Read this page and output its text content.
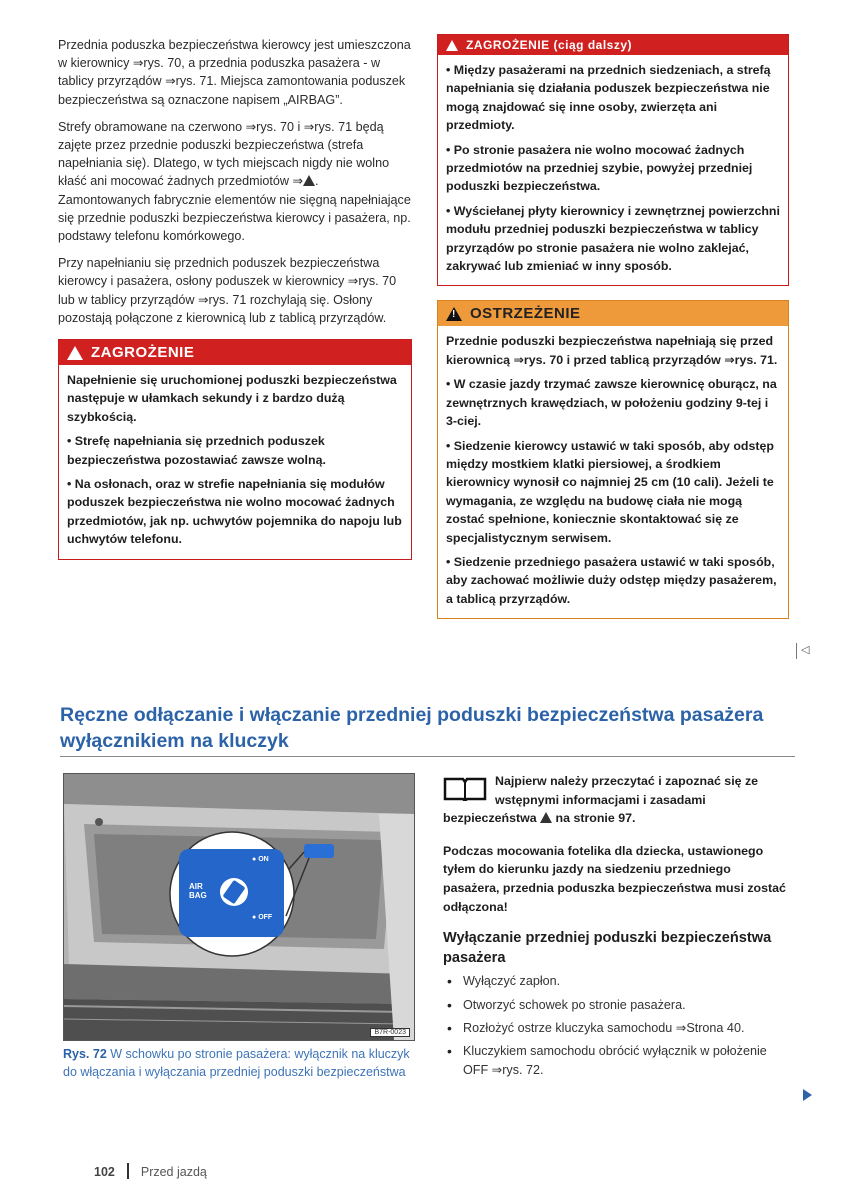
Przednia poduszka bezpieczeństwa kierowcy jest umieszczona w kierownicy ⇒rys. 70, a przednia poduszka pasażera - w tablicy przyrządów ⇒rys. 71. Miejsca zamontowania poduszek bezpieczeństwa są oznaczone napisem „AIRBAG”.

Strefy obramowane na czerwono ⇒rys. 70 i ⇒rys. 71 będą zajęte przez przednie poduszki bezpieczeństwa (strefa napełniania się). Dlatego, w tych miejscach nigdy nie wolno kłaść ani mocować żadnych przedmiotów ⇒ . Zamontowanych fabrycznie elementów nie sięgną napełniające się przednie poduszki bezpieczeństwa kierowcy i pasażera, np. podstawy telefonu komórkowego.

Przy napełnianiu się przednich poduszek bezpieczeństwa kierowcy i pasażera, osłony poduszek w kierownicy ⇒rys. 70 lub w tablicy przyrządów ⇒rys. 71 rozchylają się. Osłony pozostają połączone z kierownicą lub z tablicą przyrządów.

!
ZAGROŻENIE

Napełnienie się uruchomionej poduszki bezpieczeństwa następuje w ułamkach sekundy i z bardzo dużą szybkością.

• Strefę napełniania się przednich poduszek bezpieczeństwa pozostawiać zawsze wolną.

• Na osłonach, oraz w strefie napełniania się modułów poduszek bezpieczeństwa nie wolno mocować żadnych przedmiotów, jak np. uchwytów pojemnika do napoju lub uchwytów telefonu.

!
ZAGROŻENIE (ciąg dalszy)

• Między pasażerami na przednich siedzeniach, a strefą napełniania się działania poduszek bezpieczeństwa nie mogą znajdować się inne osoby, zwierzęta ani przedmioty.

• Po stronie pasażera nie wolno mocować żadnych przedmiotów na przedniej szybie, powyżej przedniej poduszki bezpieczeństwa.

• Wyściełanej płyty kierownicy i zewnętrznej powierzchni modułu przedniej poduszki bezpieczeństwa w tablicy przyrządów po stronie pasażera nie wolno zaklejać, zakrywać lub zmieniać w inny sposób.

!
OSTRZEŻENIE

Przednie poduszki bezpieczeństwa napełniają się przed kierownicą ⇒rys. 70 i przed tablicą przyrządów ⇒rys. 71.

• W czasie jazdy trzymać zawsze kierownicę oburącz, na zewnętrznych krawędziach, w położeniu godziny 9-tej i 3-ciej.

• Siedzenie kierowcy ustawić w taki sposób, aby odstęp między mostkiem klatki piersiowej, a środkiem kierownicy wynosił co najmniej 25 cm (10 cali). Jeżeli te wymagania, ze względu na budowę ciała nie mogą zostać spełnione, koniecznie skontaktować się ze specjalistycznym serwisem.

• Siedzenie przedniego pasażera ustawić w taki sposób, aby zachować możliwie duży odstęp między pasażerem, a tablicą przyrządów.

◁
Ręczne odłączanie i włączanie przedniej poduszki bezpieczeństwa pasażera wyłącznikiem na kluczyk
AIR
BAG
● ON
● OFF
B7R-0023
Rys. 72 W schowku po stronie pasażera: wyłącznik na kluczyk do włączania i wyłączania przedniej poduszki bezpieczeństwa

Najpierw należy przeczytać i zapoznać się ze wstępnymi informacjami i zasadami bezpieczeństwa  na stronie 97.

Podczas mocowania fotelika dla dziecka, ustawionego tyłem do kierunku jazdy na siedzeniu przedniego pasażera, przednia poduszka bezpieczeństwa musi zostać odłączona!

Wyłączanie przedniej poduszki bezpieczeństwa pasażera
• Wyłączyć zapłon.
• Otworzyć schowek po stronie pasażera.
• Rozłożyć ostrze kluczyka samochodu ⇒Strona 40.
• Kluczykiem samochodu obrócić wyłącznik w położenie OFF ⇒rys. 72.
102 Przed jazdą
